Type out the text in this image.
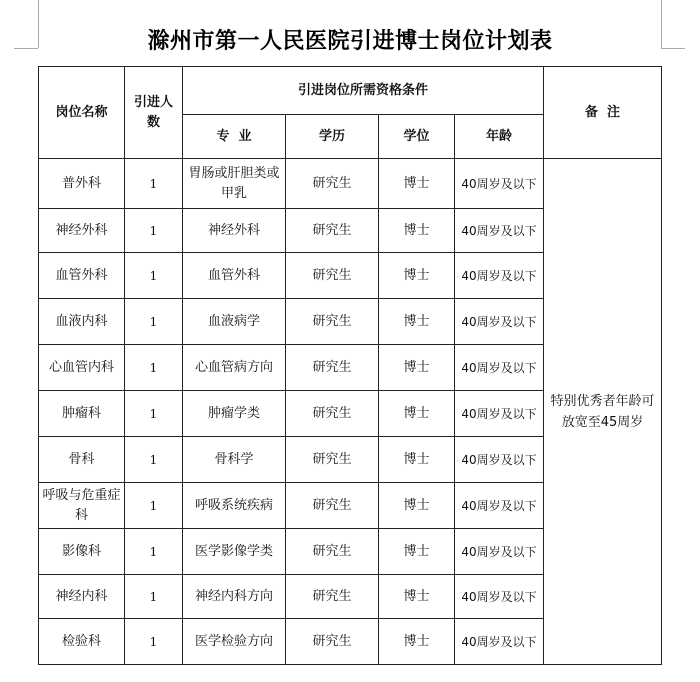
滁州市第一人民医院引进博士岗位计划表
岗位名称	引进人数	引进岗位所需资格条件				备  注
		专  业	学历	学位	年龄	
普外科	1	胃肠或肝胆类或甲乳	研究生	博士	40周岁及以下	特别优秀者年龄可放宽至45周岁
神经外科	1	神经外科	研究生	博士	40周岁及以下	
血管外科	1	血管外科	研究生	博士	40周岁及以下	
血液内科	1	血液病学	研究生	博士	40周岁及以下	
心血管内科	1	心血管病方向	研究生	博士	40周岁及以下	
肿瘤科	1	肿瘤学类	研究生	博士	40周岁及以下	
骨科	1	骨科学	研究生	博士	40周岁及以下	
呼吸与危重症科	1	呼吸系统疾病	研究生	博士	40周岁及以下	
影像科	1	医学影像学类	研究生	博士	40周岁及以下	
神经内科	1	神经内科方向	研究生	博士	40周岁及以下	
检验科	1	医学检验方向	研究生	博士	40周岁及以下	
